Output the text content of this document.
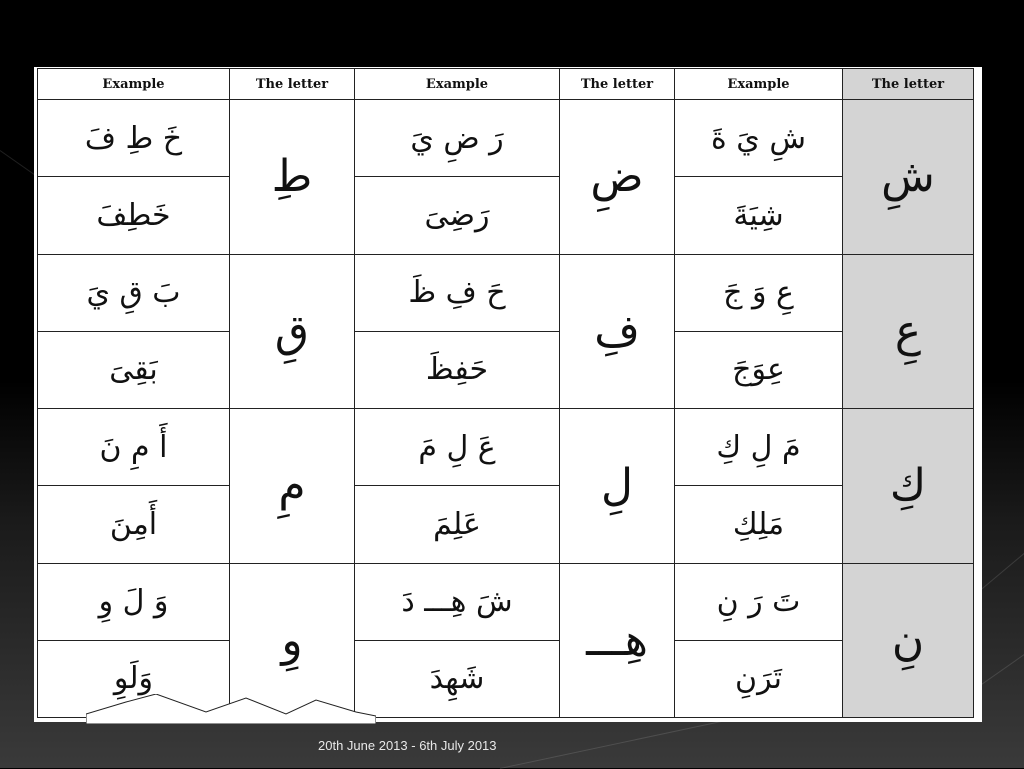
Example	The letter	Example	The letter	Example	The letter
خَ طِ فَ	طِ	رَ ضِ يَ	ضِ	شِ يَ ةَ	شِ
خَطِفَ		رَضِىَ		شِيَةَ	
بَ قِ يَ	قِ	حَ فِ ظَ	فِ	عِ وَ جَ	عِ
بَقِىَ		حَفِظَ		عِوَجَ	
أَ مِ نَ	مِ	عَ لِ مَ	لِ	مَ لِ كِ	كِ
أَمِنَ		عَلِمَ		مَلِكِ	
وَ لَ وِ	وِ	شَ هِـــ دَ	هِـــ	تَ رَ نِ	نِ
وَلَوِ		شَهِدَ		تَرَنِ	
20th June 2013 - 6th July 2013
